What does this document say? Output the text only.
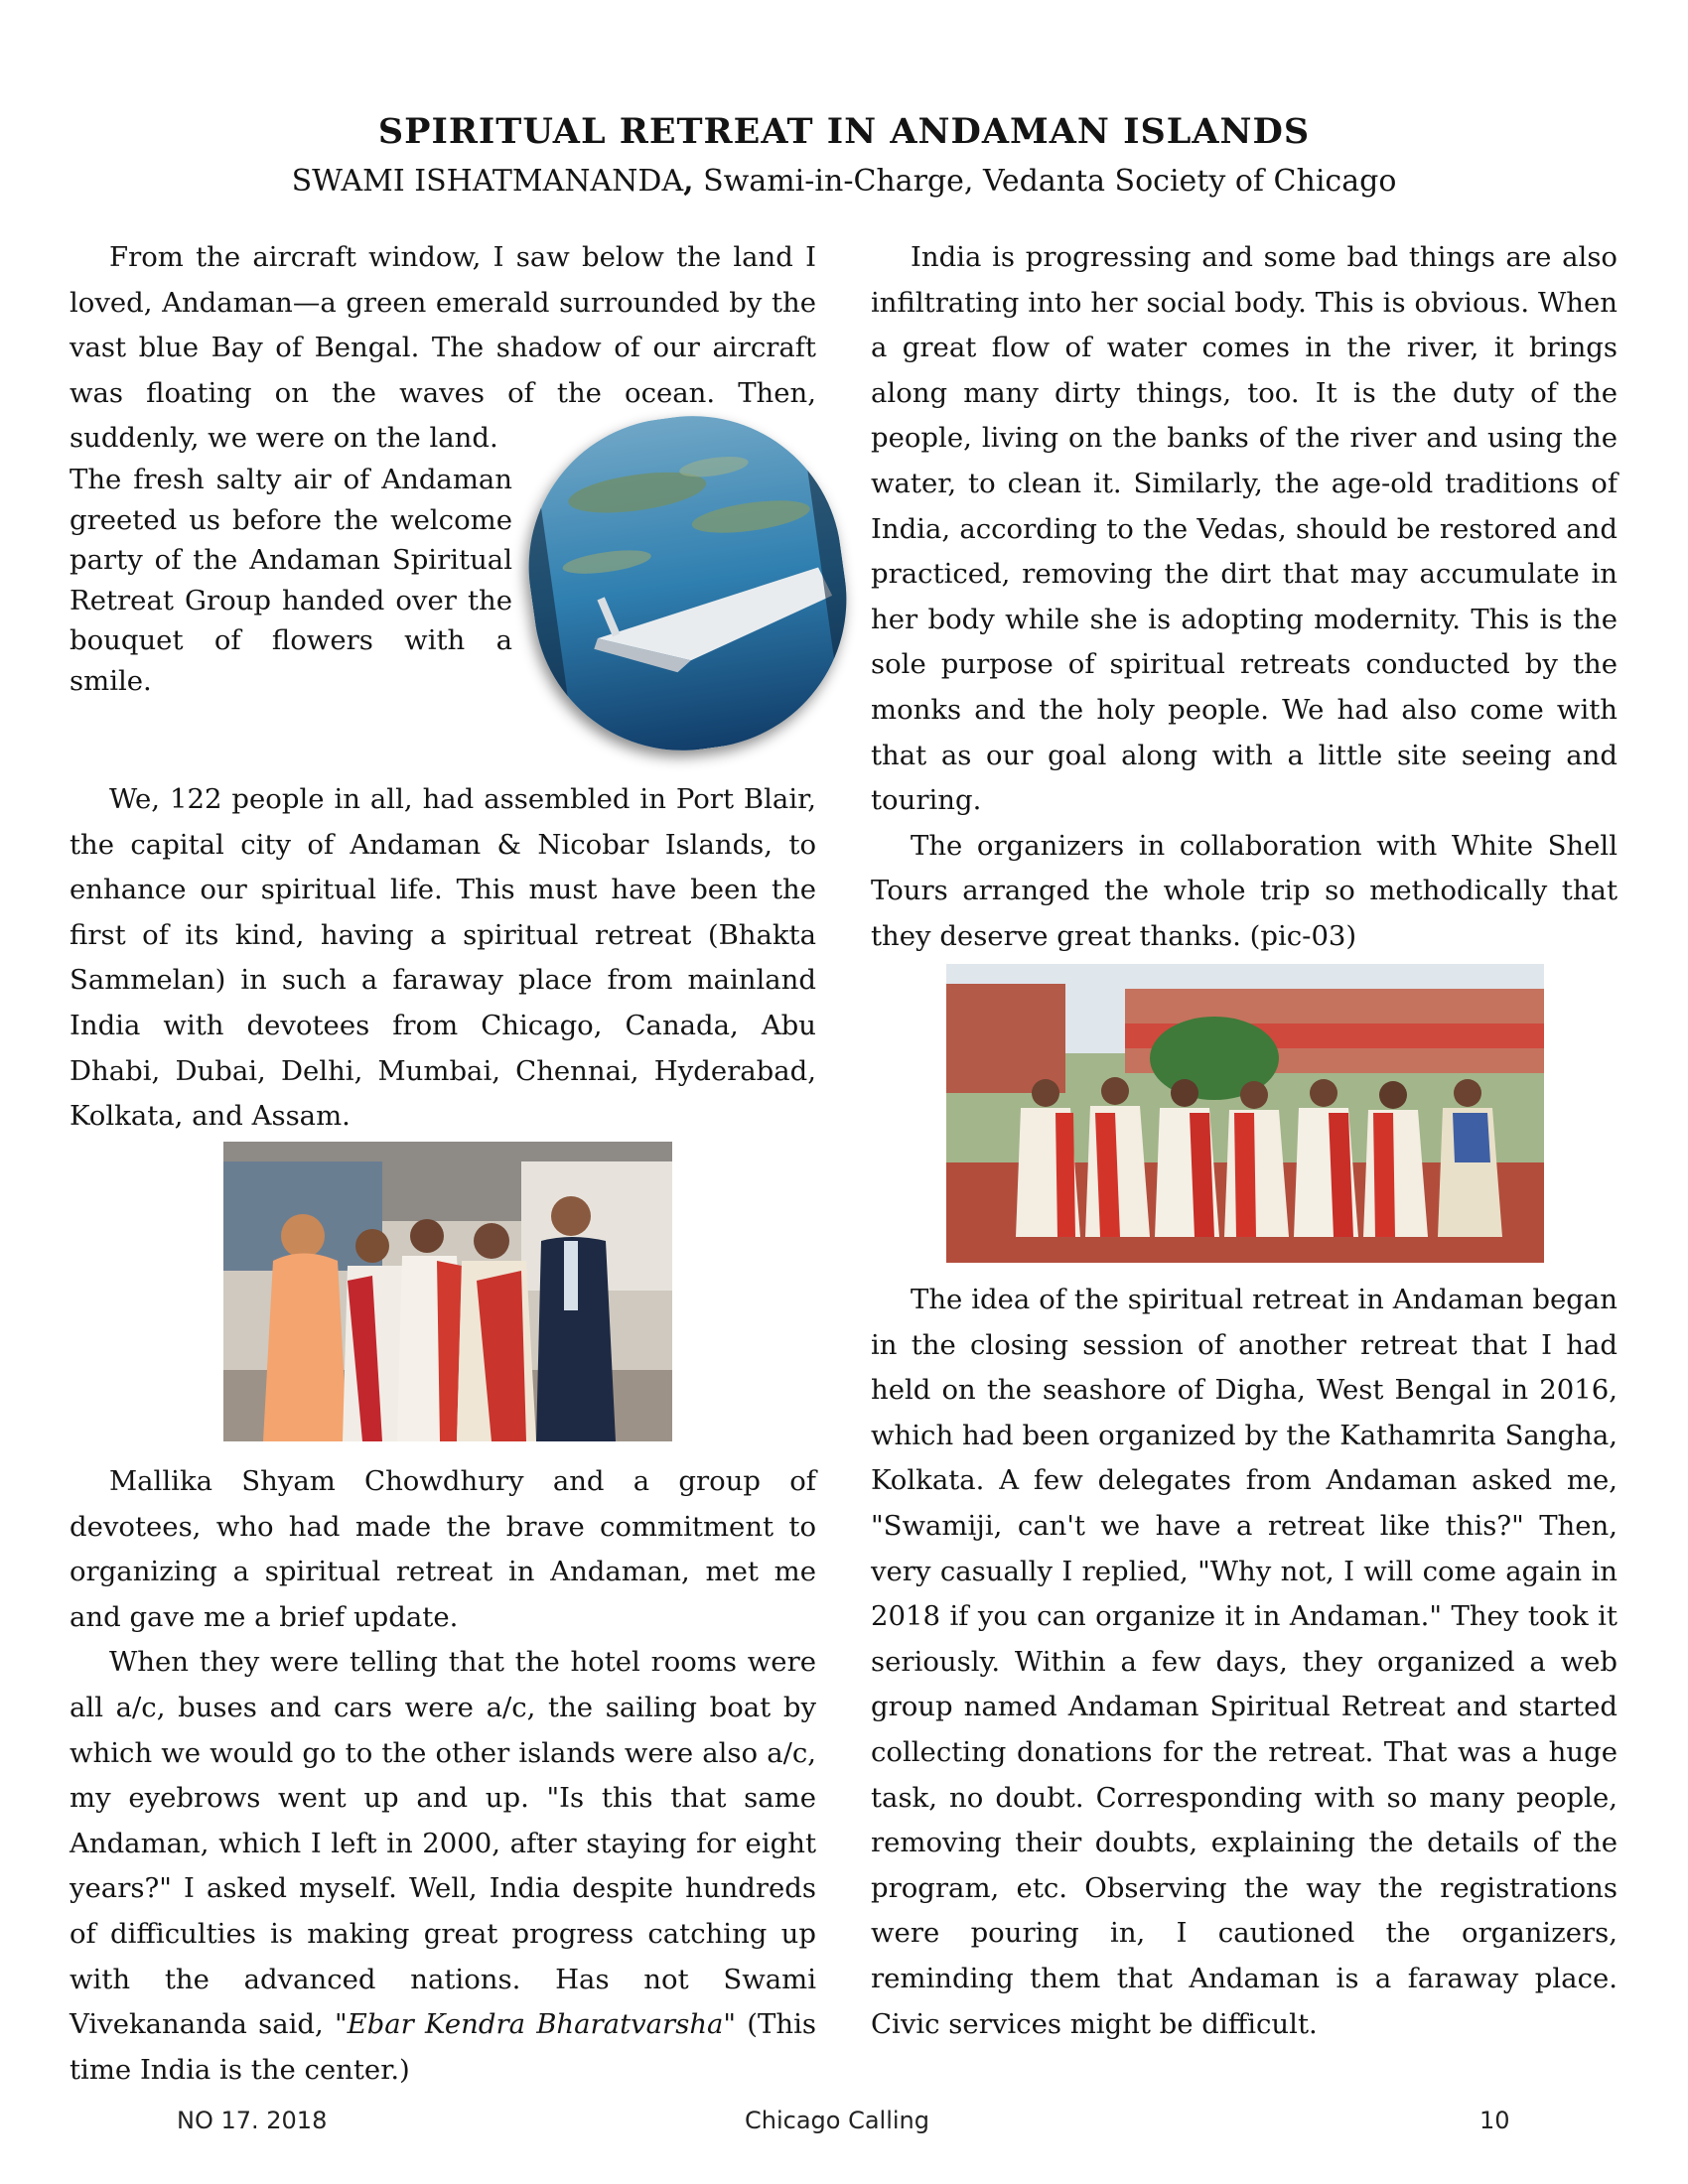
SPIRITUAL RETREAT IN ANDAMAN ISLANDS
SWAMI ISHATMANANDA, Swami-in-Charge, Vedanta Society of Chicago

From the aircraft window, I saw below the land I loved, Andaman—a green emerald surrounded by the vast blue Bay of Bengal. The shadow of our aircraft was floating on the waves of the ocean. Then, suddenly, we were on the land.

The fresh salty air of Andaman greeted us before the welcome party of the Andaman Spiritual Retreat Group handed over the bouquet of flowers with a smile.

We, 122 people in all, had assembled in Port Blair, the capital city of Andaman & Nicobar Islands, to enhance our spiritual life. This must have been the first of its kind, having a spiritual retreat (Bhakta Sammelan) in such a faraway place from mainland India with devotees from Chicago, Canada, Abu Dhabi, Dubai, Delhi, Mumbai, Chennai, Hyderabad, Kolkata, and Assam.

Mallika Shyam Chowdhury and a group of devotees, who had made the brave commitment to organizing a spiritual retreat in Andaman, met me and gave me a brief update.

When they were telling that the hotel rooms were all a/c, buses and cars were a/c, the sailing boat by which we would go to the other islands were also a/c, my eyebrows went up and up. "Is this that same Andaman, which I left in 2000, after staying for eight years?" I asked myself. Well, India despite hundreds of difficulties is making great progress catching up with the advanced nations. Has not Swami Vivekananda said, "Ebar Kendra Bharatvarsha" (This time India is the center.)

India is progressing and some bad things are also infiltrating into her social body. This is obvious. When a great flow of water comes in the river, it brings along many dirty things, too. It is the duty of the people, living on the banks of the river and using the water, to clean it. Similarly, the age-old traditions of India, according to the Vedas, should be restored and practiced, removing the dirt that may accumulate in her body while she is adopting modernity. This is the sole purpose of spiritual retreats conducted by the monks and the holy people. We had also come with that as our goal along with a little site seeing and touring.

The organizers in collaboration with White Shell Tours arranged the whole trip so methodically that they deserve great thanks. (pic-03)

The idea of the spiritual retreat in Andaman began in the closing session of another retreat that I had held on the seashore of Digha, West Bengal in 2016, which had been organized by the Kathamrita Sangha, Kolkata. A few delegates from Andaman asked me, "Swamiji, can't we have a retreat like this?" Then, very casually I replied, "Why not, I will come again in 2018 if you can organize it in Andaman." They took it seriously. Within a few days, they organized a web group named Andaman Spiritual Retreat and started collecting donations for the retreat. That was a huge task, no doubt. Corresponding with so many people, removing their doubts, explaining the details of the program, etc. Observing the way the registrations were pouring in, I cautioned the organizers, reminding them that Andaman is a faraway place. Civic services might be difficult.

NO 17. 2018	Chicago Calling	10
